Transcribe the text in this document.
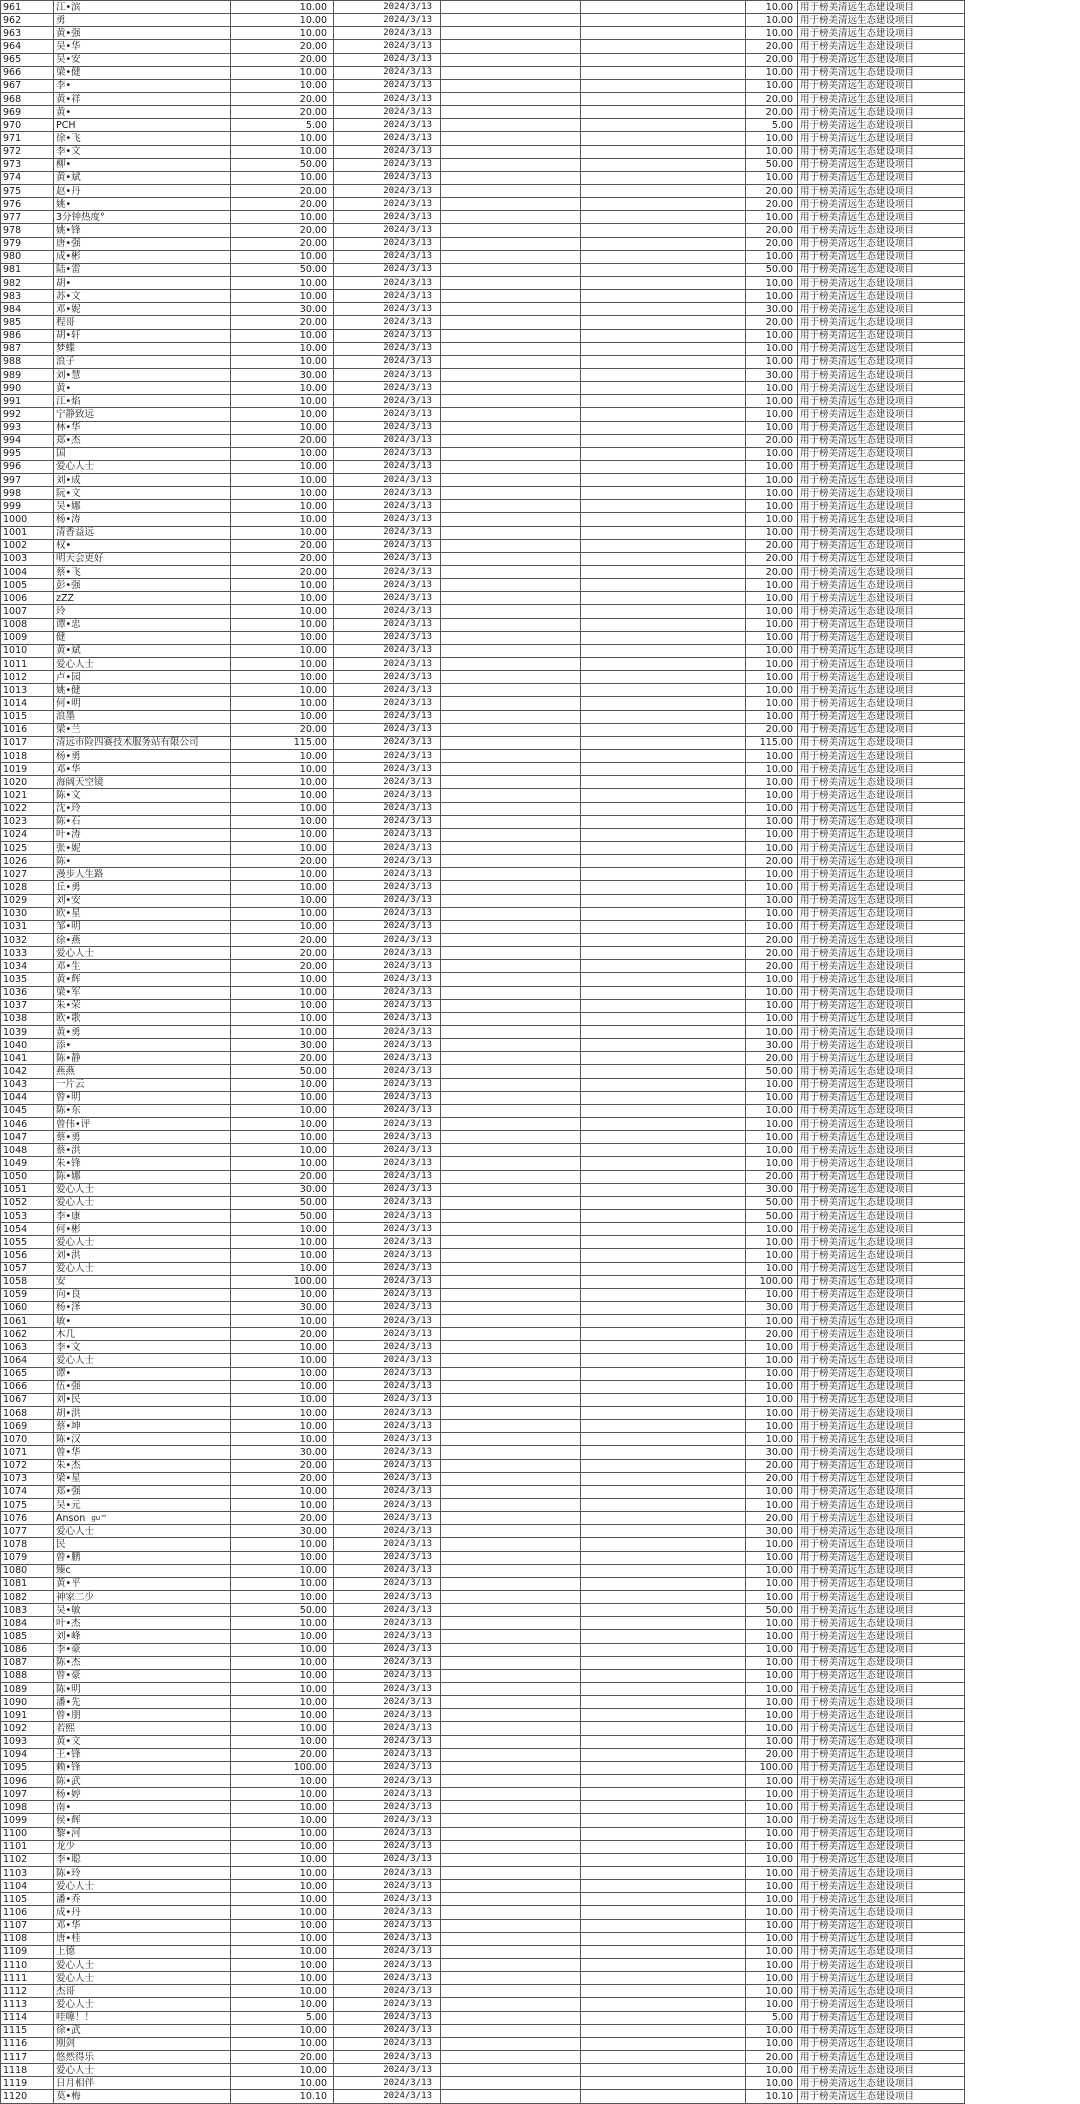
961	江•滨	10.00	2024/3/13			10.00	用于榜美清远生态建设项目
962	勇	10.00	2024/3/13			10.00	用于榜美清远生态建设项目
963	黄•强	10.00	2024/3/13			10.00	用于榜美清远生态建设项目
964	吴•华	20.00	2024/3/13			20.00	用于榜美清远生态建设项目
965	吴•安	20.00	2024/3/13			20.00	用于榜美清远生态建设项目
966	梁•健	10.00	2024/3/13			10.00	用于榜美清远生态建设项目
967	李•	10.00	2024/3/13			10.00	用于榜美清远生态建设项目
968	黄•祥	20.00	2024/3/13			20.00	用于榜美清远生态建设项目
969	黄•	20.00	2024/3/13			20.00	用于榜美清远生态建设项目
970	PCH	5.00	2024/3/13			5.00	用于榜美清远生态建设项目
971	徐•飞	10.00	2024/3/13			10.00	用于榜美清远生态建设项目
972	李•文	10.00	2024/3/13			10.00	用于榜美清远生态建设项目
973	柳•	50.00	2024/3/13			50.00	用于榜美清远生态建设项目
974	黄•斌	10.00	2024/3/13			10.00	用于榜美清远生态建设项目
975	赵•丹	20.00	2024/3/13			20.00	用于榜美清远生态建设项目
976	姚•	20.00	2024/3/13			20.00	用于榜美清远生态建设项目
977	3分钟热度°	10.00	2024/3/13			10.00	用于榜美清远生态建设项目
978	姚•锋	20.00	2024/3/13			20.00	用于榜美清远生态建设项目
979	唐•强	20.00	2024/3/13			20.00	用于榜美清远生态建设项目
980	成•彬	10.00	2024/3/13			10.00	用于榜美清远生态建设项目
981	陆•雷	50.00	2024/3/13			50.00	用于榜美清远生态建设项目
982	胡•	10.00	2024/3/13			10.00	用于榜美清远生态建设项目
983	苏•文	10.00	2024/3/13			10.00	用于榜美清远生态建设项目
984	邓•妮	30.00	2024/3/13			30.00	用于榜美清远生态建设项目
985	程哥	20.00	2024/3/13			20.00	用于榜美清远生态建设项目
986	胡•轩	10.00	2024/3/13			10.00	用于榜美清远生态建设项目
987	梦蝶	10.00	2024/3/13			10.00	用于榜美清远生态建设项目
988	浪子	10.00	2024/3/13			10.00	用于榜美清远生态建设项目
989	刘•慧	30.00	2024/3/13			30.00	用于榜美清远生态建设项目
990	黄•	10.00	2024/3/13			10.00	用于榜美清远生态建设项目
991	江•焰	10.00	2024/3/13			10.00	用于榜美清远生态建设项目
992	宁静致远	10.00	2024/3/13			10.00	用于榜美清远生态建设项目
993	林•华	10.00	2024/3/13			10.00	用于榜美清远生态建设项目
994	郑•杰	20.00	2024/3/13			20.00	用于榜美清远生态建设项目
995	国	10.00	2024/3/13			10.00	用于榜美清远生态建设项目
996	爱心人士	10.00	2024/3/13			10.00	用于榜美清远生态建设项目
997	刘•成	10.00	2024/3/13			10.00	用于榜美清远生态建设项目
998	阮•文	10.00	2024/3/13			10.00	用于榜美清远生态建设项目
999	吴•娜	10.00	2024/3/13			10.00	用于榜美清远生态建设项目
1000	杨•涛	10.00	2024/3/13			10.00	用于榜美清远生态建设项目
1001	清香益远	10.00	2024/3/13			10.00	用于榜美清远生态建设项目
1002	权•	20.00	2024/3/13			20.00	用于榜美清远生态建设项目
1003	明天会更好	20.00	2024/3/13			20.00	用于榜美清远生态建设项目
1004	蔡•飞	20.00	2024/3/13			20.00	用于榜美清远生态建设项目
1005	彭•强	10.00	2024/3/13			10.00	用于榜美清远生态建设项目
1006	zZZ	10.00	2024/3/13			10.00	用于榜美清远生态建设项目
1007	玲	10.00	2024/3/13			10.00	用于榜美清远生态建设项目
1008	谭•忠	10.00	2024/3/13			10.00	用于榜美清远生态建设项目
1009	健	10.00	2024/3/13			10.00	用于榜美清远生态建设项目
1010	黄•斌	10.00	2024/3/13			10.00	用于榜美清远生态建设项目
1011	爱心人士	10.00	2024/3/13			10.00	用于榜美清远生态建设项目
1012	卢•园	10.00	2024/3/13			10.00	用于榜美清远生态建设项目
1013	姚•健	10.00	2024/3/13			10.00	用于榜美清远生态建设项目
1014	何•明	10.00	2024/3/13			10.00	用于榜美清远生态建设项目
1015	浪墨	10.00	2024/3/13			10.00	用于榜美清远生态建设项目
1016	梁•兰	20.00	2024/3/13			20.00	用于榜美清远生态建设项目
1017	清远市险四赛技术服务站有限公司	115.00	2024/3/13			115.00	用于榜美清远生态建设项目
1018	杨•勇	10.00	2024/3/13			10.00	用于榜美清远生态建设项目
1019	邓•华	10.00	2024/3/13			10.00	用于榜美清远生态建设项目
1020	海阔天空镜	10.00	2024/3/13			10.00	用于榜美清远生态建设项目
1021	陈•文	10.00	2024/3/13			10.00	用于榜美清远生态建设项目
1022	沈•玲	10.00	2024/3/13			10.00	用于榜美清远生态建设项目
1023	陈•石	10.00	2024/3/13			10.00	用于榜美清远生态建设项目
1024	叶•涛	10.00	2024/3/13			10.00	用于榜美清远生态建设项目
1025	张•妮	10.00	2024/3/13			10.00	用于榜美清远生态建设项目
1026	陈•	20.00	2024/3/13			20.00	用于榜美清远生态建设项目
1027	漫步人生路	10.00	2024/3/13			10.00	用于榜美清远生态建设项目
1028	丘•勇	10.00	2024/3/13			10.00	用于榜美清远生态建设项目
1029	刘•安	10.00	2024/3/13			10.00	用于榜美清远生态建设项目
1030	欧•星	10.00	2024/3/13			10.00	用于榜美清远生态建设项目
1031	邹•明	10.00	2024/3/13			10.00	用于榜美清远生态建设项目
1032	徐•燕	20.00	2024/3/13			20.00	用于榜美清远生态建设项目
1033	爱心人士	20.00	2024/3/13			20.00	用于榜美清远生态建设项目
1034	邓•生	20.00	2024/3/13			20.00	用于榜美清远生态建设项目
1035	黄•辉	10.00	2024/3/13			10.00	用于榜美清远生态建设项目
1036	梁•军	10.00	2024/3/13			10.00	用于榜美清远生态建设项目
1037	朱•荣	10.00	2024/3/13			10.00	用于榜美清远生态建设项目
1038	欧•歌	10.00	2024/3/13			10.00	用于榜美清远生态建设项目
1039	黄•勇	10.00	2024/3/13			10.00	用于榜美清远生态建设项目
1040	添•	30.00	2024/3/13			30.00	用于榜美清远生态建设项目
1041	陈•静	20.00	2024/3/13			20.00	用于榜美清远生态建设项目
1042	燕燕	50.00	2024/3/13			50.00	用于榜美清远生态建设项目
1043	一片云	10.00	2024/3/13			10.00	用于榜美清远生态建设项目
1044	曾•明	10.00	2024/3/13			10.00	用于榜美清远生态建设项目
1045	陈•东	10.00	2024/3/13			10.00	用于榜美清远生态建设项目
1046	曾伟•评	10.00	2024/3/13			10.00	用于榜美清远生态建设项目
1047	蔡•勇	10.00	2024/3/13			10.00	用于榜美清远生态建设项目
1048	蔡•洪	10.00	2024/3/13			10.00	用于榜美清远生态建设项目
1049	朱•锋	10.00	2024/3/13			10.00	用于榜美清远生态建设项目
1050	陈•娜	20.00	2024/3/13			20.00	用于榜美清远生态建设项目
1051	爱心人士	30.00	2024/3/13			30.00	用于榜美清远生态建设项目
1052	爱心人士	50.00	2024/3/13			50.00	用于榜美清远生态建设项目
1053	李•康	50.00	2024/3/13			50.00	用于榜美清远生态建设项目
1054	何•彬	10.00	2024/3/13			10.00	用于榜美清远生态建设项目
1055	爱心人士	10.00	2024/3/13			10.00	用于榜美清远生态建设项目
1056	刘•洪	10.00	2024/3/13			10.00	用于榜美清远生态建设项目
1057	爱心人士	10.00	2024/3/13			10.00	用于榜美清远生态建设项目
1058	安	100.00	2024/3/13			100.00	用于榜美清远生态建设项目
1059	向•良	10.00	2024/3/13			10.00	用于榜美清远生态建设项目
1060	杨•泽	30.00	2024/3/13			30.00	用于榜美清远生态建设项目
1061	敏•	10.00	2024/3/13			10.00	用于榜美清远生态建设项目
1062	木几	20.00	2024/3/13			20.00	用于榜美清远生态建设项目
1063	李•文	10.00	2024/3/13			10.00	用于榜美清远生态建设项目
1064	爱心人士	10.00	2024/3/13			10.00	用于榜美清远生态建设项目
1065	谭•	10.00	2024/3/13			10.00	用于榜美清远生态建设项目
1066	伍•强	10.00	2024/3/13			10.00	用于榜美清远生态建设项目
1067	刘•民	10.00	2024/3/13			10.00	用于榜美清远生态建设项目
1068	胡•洪	10.00	2024/3/13			10.00	用于榜美清远生态建设项目
1069	蔡•坤	10.00	2024/3/13			10.00	用于榜美清远生态建设项目
1070	陈•汉	10.00	2024/3/13			10.00	用于榜美清远生态建设项目
1071	曾•华	30.00	2024/3/13			30.00	用于榜美清远生态建设项目
1072	朱•杰	20.00	2024/3/13			20.00	用于榜美清远生态建设项目
1073	梁•星	20.00	2024/3/13			20.00	用于榜美清远生态建设项目
1074	郑•强	10.00	2024/3/13			10.00	用于榜美清远生态建设项目
1075	吴•元	10.00	2024/3/13			10.00	用于榜美清远生态建设项目
1076	Anson $^{ɡu™}$	20.00	2024/3/13			20.00	用于榜美清远生态建设项目
1077	爱心人士	30.00	2024/3/13			30.00	用于榜美清远生态建设项目
1078	民	10.00	2024/3/13			10.00	用于榜美清远生态建设项目
1079	曾•鹏	10.00	2024/3/13			10.00	用于榜美清远生态建设项目
1080	臻c	10.00	2024/3/13			10.00	用于榜美清远生态建设项目
1081	黄•平	10.00	2024/3/13			10.00	用于榜美清远生态建设项目
1082	神家二少	10.00	2024/3/13			10.00	用于榜美清远生态建设项目
1083	吴•敏	50.00	2024/3/13			50.00	用于榜美清远生态建设项目
1084	叶•杰	10.00	2024/3/13			10.00	用于榜美清远生态建设项目
1085	刘•峰	10.00	2024/3/13			10.00	用于榜美清远生态建设项目
1086	李•豪	10.00	2024/3/13			10.00	用于榜美清远生态建设项目
1087	陈•杰	10.00	2024/3/13			10.00	用于榜美清远生态建设项目
1088	曾•豪	10.00	2024/3/13			10.00	用于榜美清远生态建设项目
1089	陈•明	10.00	2024/3/13			10.00	用于榜美清远生态建设项目
1090	潘•先	10.00	2024/3/13			10.00	用于榜美清远生态建设项目
1091	曾•朋	10.00	2024/3/13			10.00	用于榜美清远生态建设项目
1092	若熙	10.00	2024/3/13			10.00	用于榜美清远生态建设项目
1093	黄•文	10.00	2024/3/13			10.00	用于榜美清远生态建设项目
1094	王•锋	20.00	2024/3/13			20.00	用于榜美清远生态建设项目
1095	赖•锋	100.00	2024/3/13			100.00	用于榜美清远生态建设项目
1096	陈•武	10.00	2024/3/13			10.00	用于榜美清远生态建设项目
1097	杨•婷	10.00	2024/3/13			10.00	用于榜美清远生态建设项目
1098	南•	10.00	2024/3/13			10.00	用于榜美清远生态建设项目
1099	侯•辉	10.00	2024/3/13			10.00	用于榜美清远生态建设项目
1100	黎•河	10.00	2024/3/13			10.00	用于榜美清远生态建设项目
1101	龙少	10.00	2024/3/13			10.00	用于榜美清远生态建设项目
1102	李•聪	10.00	2024/3/13			10.00	用于榜美清远生态建设项目
1103	陈•玲	10.00	2024/3/13			10.00	用于榜美清远生态建设项目
1104	爱心人士	10.00	2024/3/13			10.00	用于榜美清远生态建设项目
1105	潘•乔	10.00	2024/3/13			10.00	用于榜美清远生态建设项目
1106	成•丹	10.00	2024/3/13			10.00	用于榜美清远生态建设项目
1107	邓•华	10.00	2024/3/13			10.00	用于榜美清远生态建设项目
1108	唐•桂	10.00	2024/3/13			10.00	用于榜美清远生态建设项目
1109	上德	10.00	2024/3/13			10.00	用于榜美清远生态建设项目
1110	爱心人士	10.00	2024/3/13			10.00	用于榜美清远生态建设项目
1111	爱心人士	10.00	2024/3/13			10.00	用于榜美清远生态建设项目
1112	杰哥	10.00	2024/3/13			10.00	用于榜美清远生态建设项目
1113	爱心人士	10.00	2024/3/13			10.00	用于榜美清远生态建设项目
1114	哇噻！！	5.00	2024/3/13			5.00	用于榜美清远生态建设项目
1115	徐•武	10.00	2024/3/13			10.00	用于榜美清远生态建设项目
1116	刚剑	10.00	2024/3/13			10.00	用于榜美清远生态建设项目
1117	悠然得乐	20.00	2024/3/13			20.00	用于榜美清远生态建设项目
1118	爱心人士	10.00	2024/3/13			10.00	用于榜美清远生态建设项目
1119	日月相伴	10.00	2024/3/13			10.00	用于榜美清远生态建设项目
1120	莫•梅	10.10	2024/3/13			10.10	用于榜美清远生态建设项目
